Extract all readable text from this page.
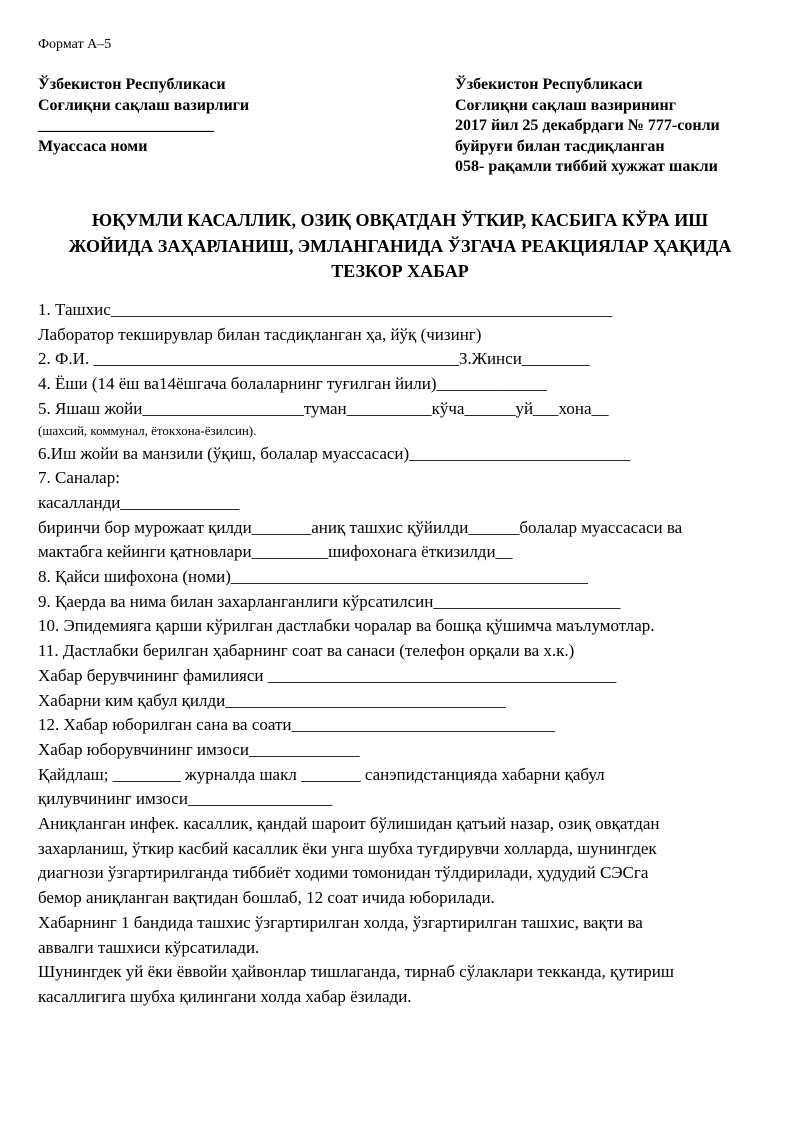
Формат А–5
Ўзбекистон Республикаси
Соғлиқни сақлаш вазирлиги
______________________
Муассаса номи
Ўзбекистон Республикаси
Соғлиқни сақлаш вазирининг
2017 йил 25 декабрдаги № 777-сонли
буйруғи билан тасдиқланган
058- рақамли тиббий хужжат шакли
ЮҚУМЛИ КАСАЛЛИК, ОЗИҚ ОВҚАТДАН ЎТКИР, КАСБИГА КЎРА ИШ
ЖОЙИДА ЗАҲАРЛАНИШ, ЭМЛАНГАНИДА ЎЗГАЧА РЕАКЦИЯЛАР ҲАҚИДА
ТЕЗКОР ХАБАР
1. Ташхис___________________________________________________________
Лаборатор текширувлар билан тасдиқланган ҳа, йўқ (чизинг)
2. Ф.И. ___________________________________________З.Жинси________
4. Ёши (14 ёш ва14ёшгача болаларнинг туғилган йили)_____________
5. Яшаш жойи___________________туман__________кўча______уй___хона__
(шахсий, коммунал, ётокхона-ёзилсин).
6.Иш жойи ва манзили (ўқиш, болалар муассасаси)__________________________
7. Саналар:
касалланди______________
биринчи бор мурожаат қилди_______аниқ ташхис қўйилди______болалар муассасаси ва
мактабга кейинги қатновлари_________шифохонага ёткизилди__
8. Қайси шифохона (номи)__________________________________________
9. Қаерда ва нима билан захарланганлиги кўрсатилсин______________________
10. Эпидемияга қарши кўрилган дастлабки чоралар ва бошқа қўшимча маълумотлар.
11. Дастлабки берилган ҳабарнинг соат ва санаси (телефон орқали ва х.к.)
Хабар берувчининг фамилияси _________________________________________
Хабарни ким қабул қилди_________________________________
12. Хабар юборилган сана ва соати_______________________________
Хабар юборувчининг имзоси_____________
Қайдлаш; ________ журналда шакл _______ санэпидстанцияда хабарни қабул
қилувчининг имзоси_________________
Аниқланган инфек. касаллик, қандай шароит бўлишидан қатъий назар, озиқ овқатдан
захарланиш, ўткир касбий касаллик ёки унга шубха туғдирувчи холларда, шунингдек
диагнози ўзгартирилганда тиббиёт ходими томонидан тўлдирилади, ҳудудий СЭСга
бемор аниқланган вақтидан бошлаб, 12 соат ичида юборилади.
Хабарнинг 1 бандида ташхис ўзгартирилган холда, ўзгартирилган ташхис, вақти ва
аввалги ташхиси кўрсатилади.
Шунингдек уй ёки ёввойи ҳайвонлар тишлаганда, тирнаб сўлаклари текканда, қутириш
касаллигига шубха қилингани холда хабар ёзилади.
